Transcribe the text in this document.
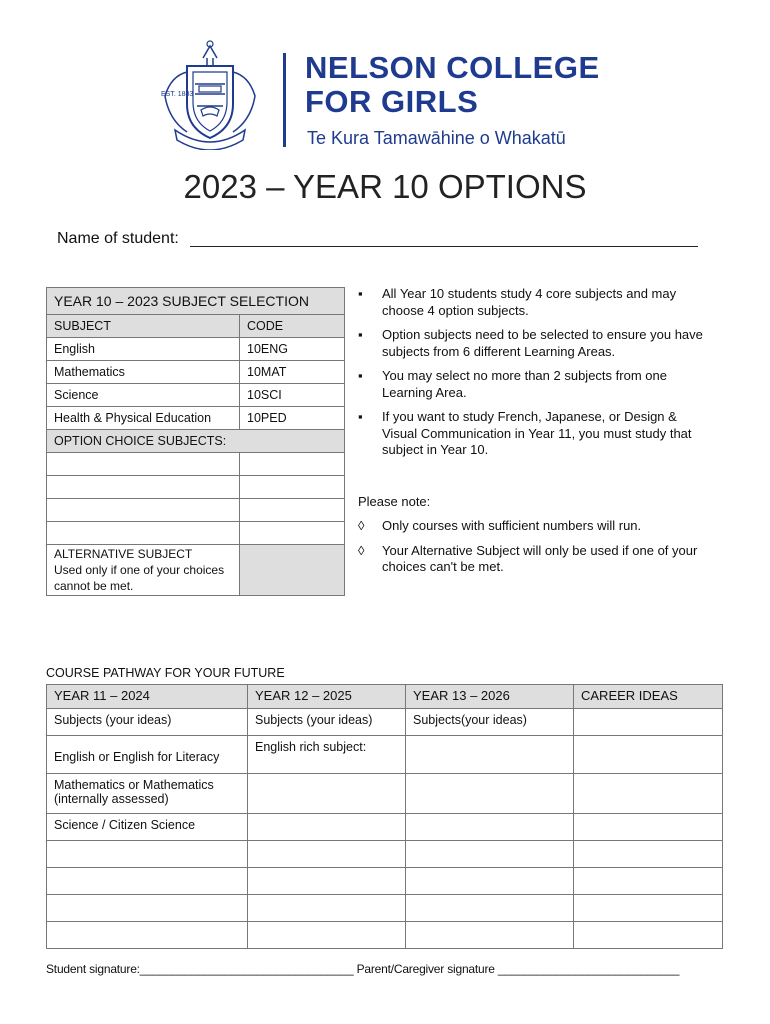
EST. 1883
NELSON COLLEGE
FOR GIRLS
Te Kura Tamawāhine o Whakatū
2023 – YEAR 10 OPTIONS
Name of student:
YEAR 10 – 2023 SUBJECT SELECTION	
SUBJECT	CODE
English	10ENG
Mathematics	10MAT
Science	10SCI
Health & Physical Education	10PED
OPTION CHOICE SUBJECTS:	

ALTERNATIVE SUBJECT
Used only if one of your choices cannot be met.	

▪ All Year 10 students study 4 core subjects and may choose 4 option subjects.
▪ Option subjects need to be selected to ensure you have subjects from 6 different Learning Areas.
▪ You may select no more than 2 subjects from one Learning Area.
▪ If you want to study French, Japanese, or Design & Visual Communication in Year 11, you must study that subject in Year 10.
Please note:
◊ Only courses with sufficient numbers will run.
◊ Your Alternative Subject will only be used if one of your choices can't be met.
COURSE PATHWAY FOR YOUR FUTURE
YEAR 11 – 2024	YEAR 12 – 2025	YEAR 13 – 2026	CAREER IDEAS
Subjects (your ideas)	Subjects (your ideas)	Subjects(your ideas)	
English or English for Literacy	English rich subject:		
Mathematics or Mathematics (internally assessed)			
Science / Citizen Science			

Student signature:_________________________________ Parent/Caregiver signature ____________________________
